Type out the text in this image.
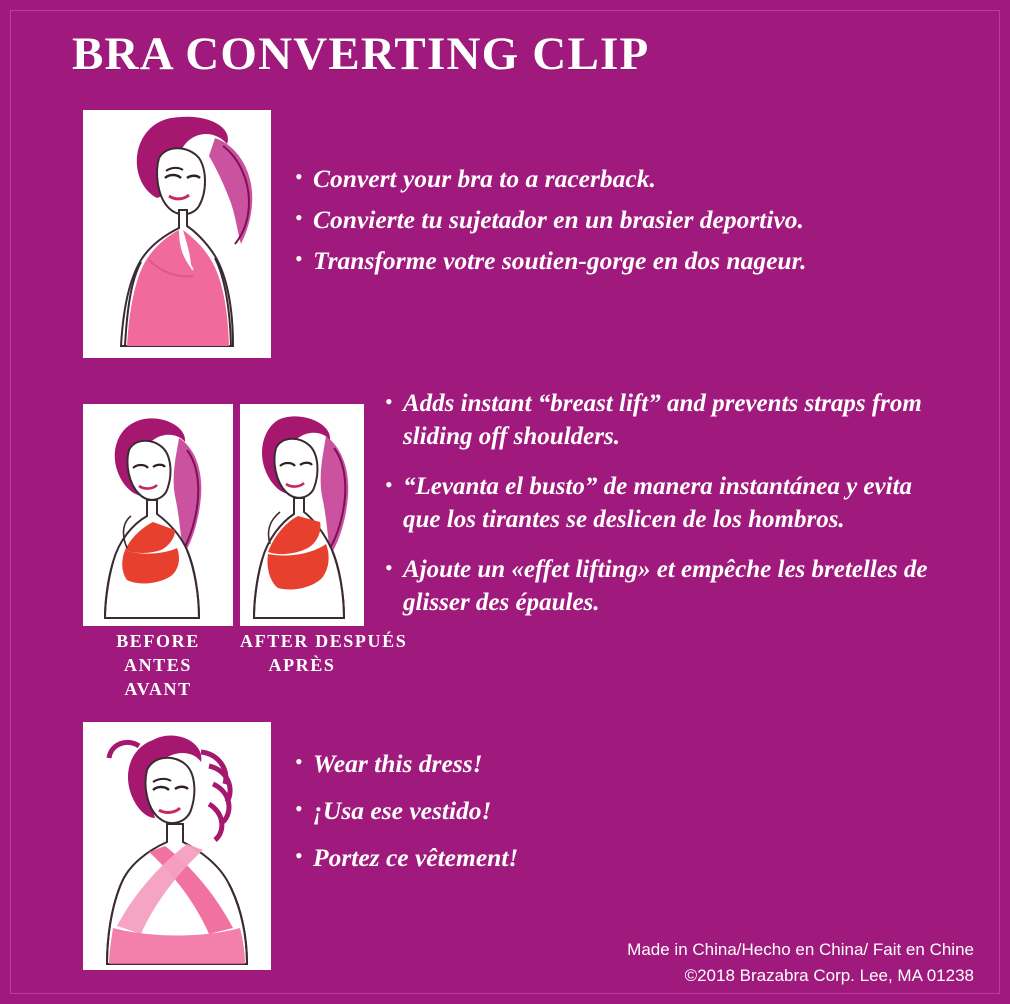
BRA CONVERTING CLIP
BEFORE
ANTES
AVANT
AFTER DESPUÉS
APRÈS
• Convert your bra to a racerback.
• Convierte tu sujetador en un brasier deportivo.
• Transforme votre soutien-gorge en dos nageur.
• Adds instant “breast lift” and prevents straps from sliding off shoulders.
• “Levanta el busto” de manera instantánea y evita que los tirantes se deslicen de los hombros.
• Ajoute un «effet lifting» et empêche les bretelles de glisser des épaules.
• Wear this dress!
• ¡Usa ese vestido!
• Portez ce vêtement!
Made in China/Hecho en China/ Fait en Chine
©2018 Brazabra Corp. Lee, MA 01238
